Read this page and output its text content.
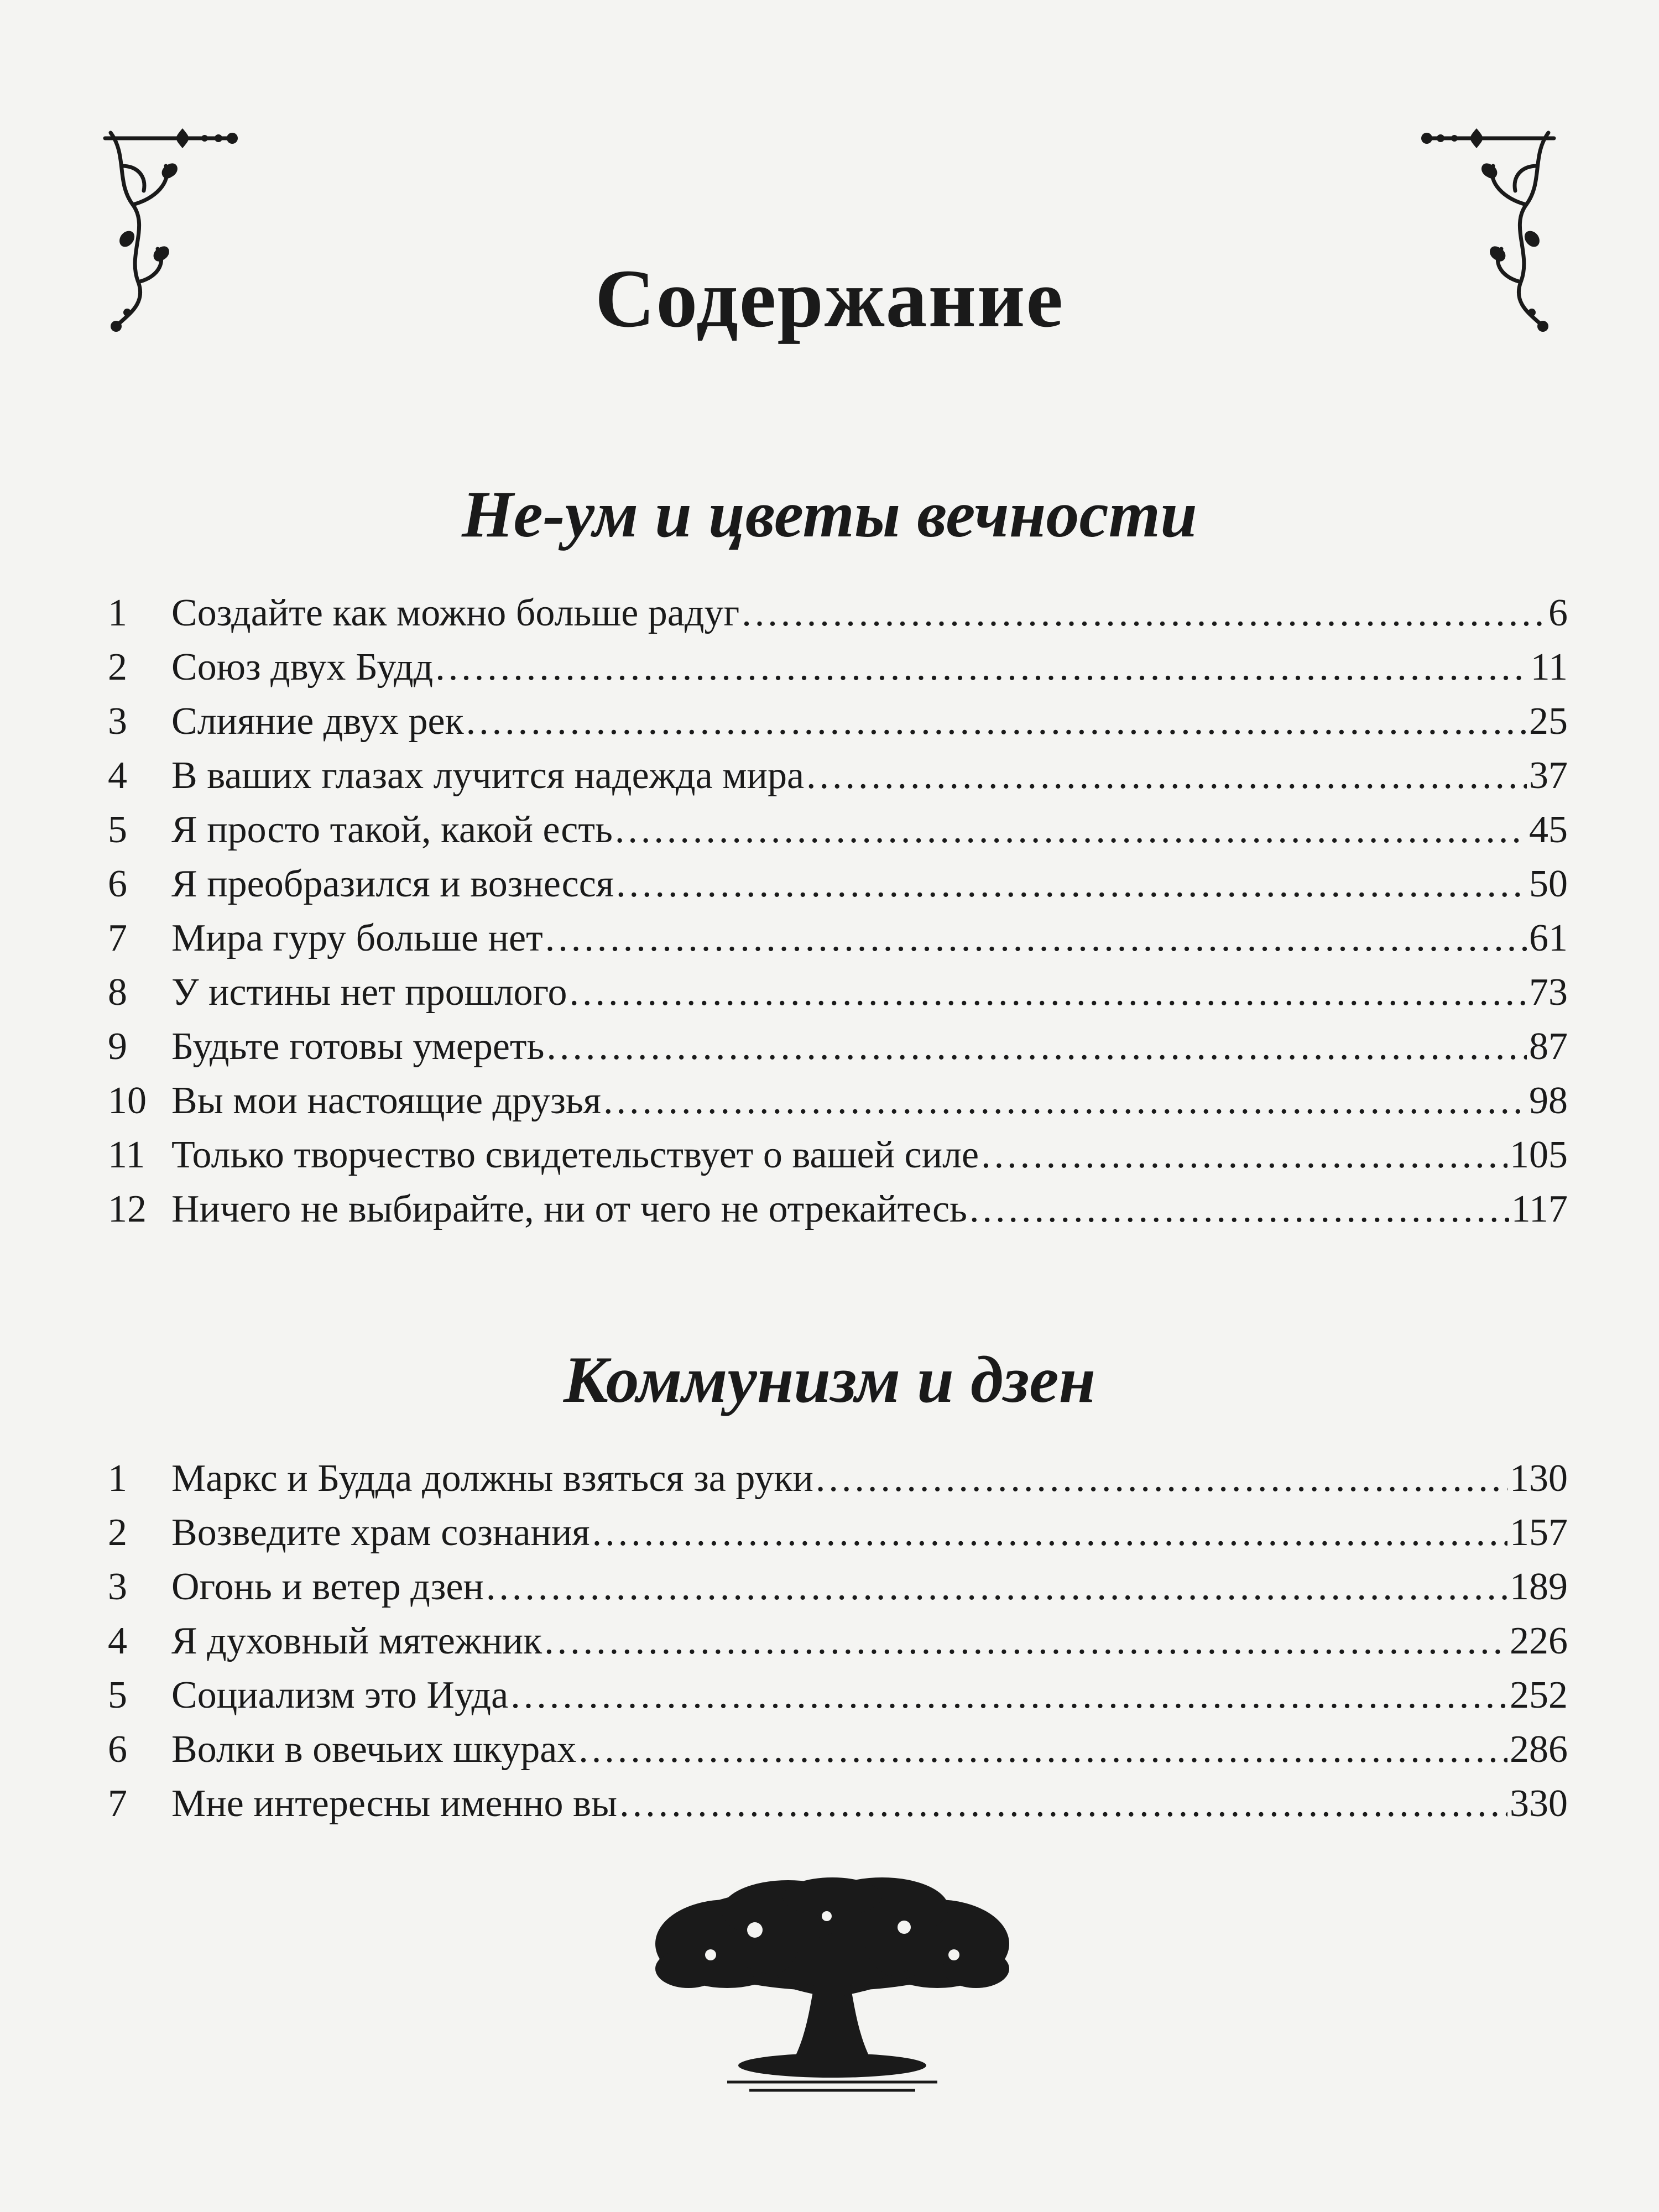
Содержание
Не-ум и цветы вечности
1	Создайте как можно больше радуг .....	6
2	Союз двух Будд .....	11
3	Слияние двух рек .....	25
4	В ваших глазах лучится надежда мира .....	37
5	Я просто такой, какой есть .....	45
6	Я преобразился и вознесся .....	50
7	Мира гуру больше нет .....	61
8	У истины нет прошлого .....	73
9	Будьте готовы умереть .....	87
10 Вы мои настоящие друзья .....	98
11 Только творчество свидетельствует о вашей силе .....	105
12 Ничего не выбирайте, ни от чего не отрекайтесь .....	117
Коммунизм и дзен
1	Маркс и Будда должны взяться за руки .....	130
2	Возведите храм сознания .....	157
3	Огонь и ветер дзен .....	189
4	Я духовный мятежник .....	226
5	Социализм это Иуда .....	252
6	Волки в овечьих шкурах .....	286
7	Мне интересны именно вы .....	330
